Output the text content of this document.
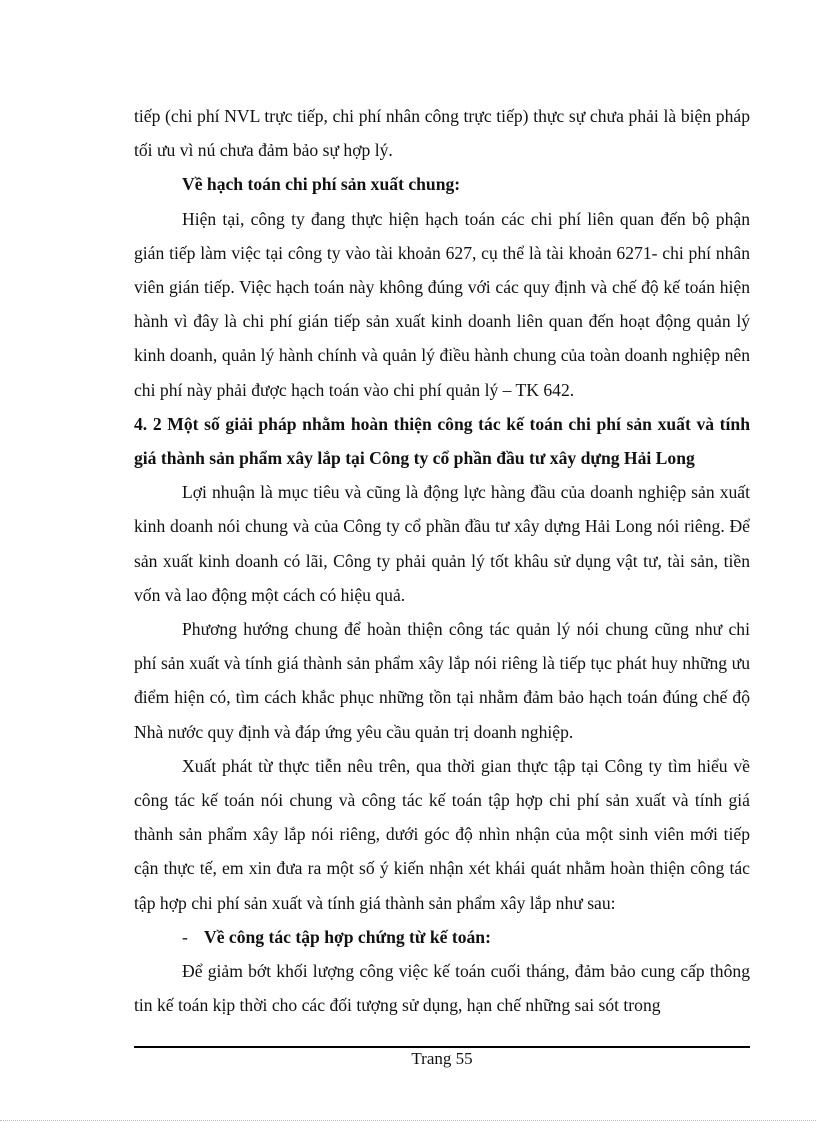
tiếp (chi phí NVL trực tiếp, chi phí nhân công trực tiếp) thực sự chưa phải là biện pháp tối ưu vì nú chưa đảm bảo sự hợp lý.

Về hạch toán chi phí sản xuất chung:

Hiện tại, công ty đang thực hiện hạch toán các chi phí liên quan đến bộ phận gián tiếp làm việc tại công ty vào tài khoản 627, cụ thể là tài khoản 6271- chi phí nhân viên gián tiếp. Việc hạch toán này không đúng với các quy định và chế độ kế toán hiện hành vì đây là chi phí gián tiếp sản xuất kinh doanh liên quan đến hoạt động quản lý kinh doanh, quản lý hành chính và quản lý điều hành chung của toàn doanh nghiệp nên chi phí này phải được hạch toán vào chi phí quản lý – TK 642.

4. 2 Một số giải pháp nhằm hoàn thiện công tác kế toán chi phí sản xuất và tính giá thành sản phẩm xây lắp tại Công ty cổ phần đầu tư xây dựng Hải Long

Lợi nhuận là mục tiêu và cũng là động lực hàng đầu của doanh nghiệp sản xuất kinh doanh nói chung và của Công ty cổ phần đầu tư xây dựng Hải Long nói riêng. Để sản xuất kinh doanh có lãi, Công ty phải quản lý tốt khâu sử dụng vật tư, tài sản, tiền vốn và lao động một cách có hiệu quả.

Phương hướng chung để hoàn thiện công tác quản lý nói chung cũng như chi phí sản xuất và tính giá thành sản phẩm xây lắp nói riêng là tiếp tục phát huy những ưu điểm hiện có, tìm cách khắc phục những tồn tại nhằm đảm bảo hạch toán đúng chế độ Nhà nước quy định và đáp ứng yêu cầu quản trị doanh nghiệp.

Xuất phát từ thực tiễn nêu trên, qua thời gian thực tập tại Công ty tìm hiểu về công tác kế toán nói chung và công tác kế toán tập hợp chi phí sản xuất và tính giá thành sản phẩm xây lắp nói riêng, dưới góc độ nhìn nhận của một sinh viên mới tiếp cận thực tế, em xin đưa ra một số ý kiến nhận xét khái quát nhằm hoàn thiện công tác tập hợp chi phí sản xuất và tính giá thành sản phẩm xây lắp như sau:

- Về công tác tập hợp chứng từ kế toán:

Để giảm bớt khối lượng công việc kế toán cuối tháng, đảm bảo cung cấp thông tin kế toán kịp thời cho các đối tượng sử dụng, hạn chế những sai sót trong

Trang 55
